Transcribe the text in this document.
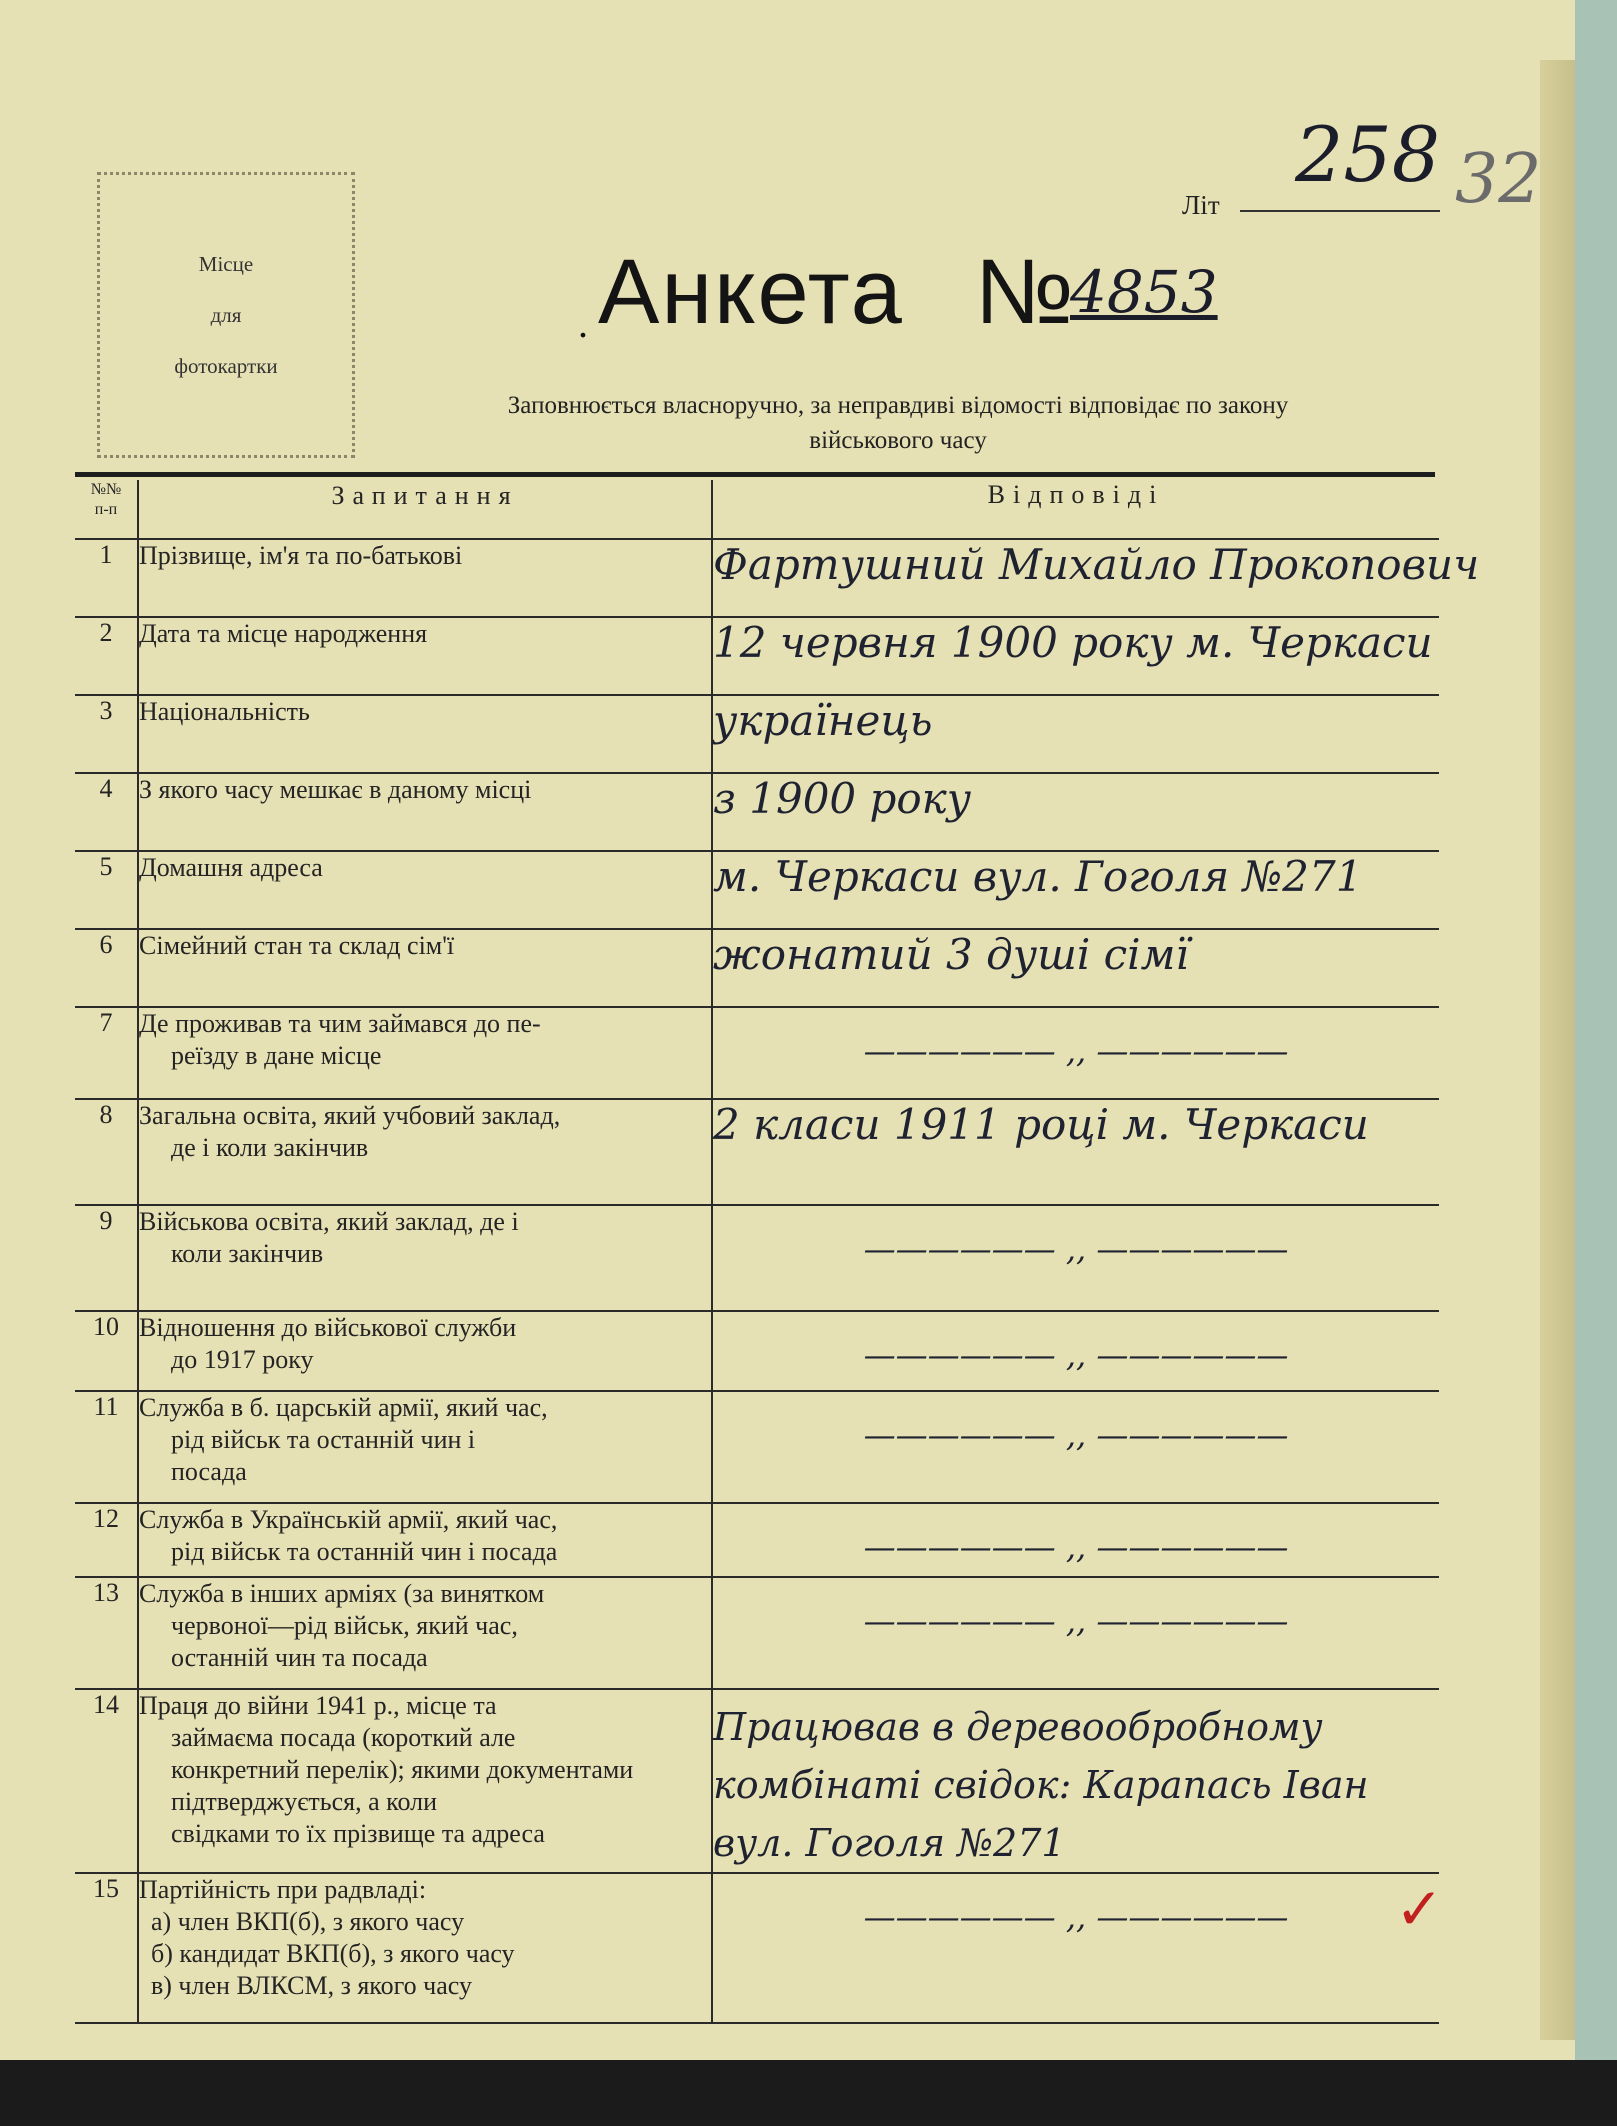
Місце
для
фотокартки
Літ
258 32
. Анкета №
4853
Заповнюється власноручно, за неправдиві відомості відповідає по закону
військового часу
№№
п-п	Запитання	Відповіді
1	Прізвище, ім'я та по-батькові	Фартушний Михайло Прокопович
2	Дата та місце народження	12 червня 1900 року м. Черкаси
3	Національність	українець
4	З якого часу мешкає в даному місці	з 1900 року
5	Домашня адреса	м. Черкаси вул. Гоголя №271
6	Сімейний стан та склад сім'ї	жонатий 3 душі сімї
7	Де проживав та чим займався до пе-
реїзду в дане місце	—————— ,, ——————
8	Загальна освіта, який учбовий заклад,
де і коли закінчив	2 класи 1911 році м. Черкаси
9	Військова освіта, який заклад, де і
коли закінчив	—————— ,, ——————
10	Відношення до військової служби
до 1917 року	—————— ,, ——————
11	Служба в б. царській армії, який час,
рід військ та останній чин і
посада	—————— ,, ——————
12	Служба в Українській армії, який час,
рід військ та останній чин і посада	—————— ,, ——————
13	Служба в інших арміях (за винятком
червоної—рід військ, який час,
останній чин та посада	—————— ,, ——————
14	Праця до війни 1941 р., місце та
займаєма посада (короткий але
конкретний перелік); якими документами підтверджується, а коли
свідками то їх прізвище та адреса	Працював в деревообробному комбінаті свідок: Карапась Іван вул. Гоголя №271
15	Партійність при радвладі:
а) член ВКП(б), з якого часу
б) кандидат ВКП(б), з якого часу
в) член ВЛКСМ, з якого часу	—————— ,, —————— ✓
